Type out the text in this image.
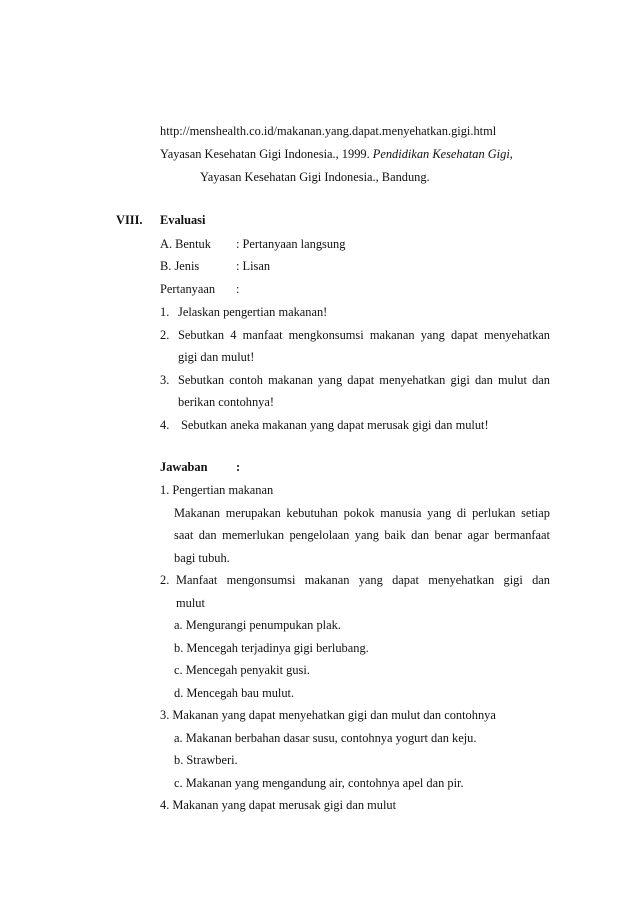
http://menshealth.co.id/makanan.yang.dapat.menyehatkan.gigi.html
Yayasan Kesehatan Gigi Indonesia., 1999. Pendidikan Kesehatan Gigi,
Yayasan Kesehatan Gigi Indonesia., Bandung.
VIII. Evaluasi
A. Bentuk : Pertanyaan langsung
B. Jenis	: Lisan
Pertanyaan :
1. Jelaskan pengertian makanan!
2. Sebutkan 4 manfaat mengkonsumsi makanan yang dapat menyehatkan
gigi dan mulut!
3. Sebutkan contoh makanan yang dapat menyehatkan gigi dan mulut dan
berikan contohnya!
4. Sebutkan aneka makanan yang dapat merusak gigi dan mulut!
Jawaban :
1. Pengertian makanan
Makanan merupakan kebutuhan pokok manusia yang di perlukan setiap
saat dan memerlukan pengelolaan yang baik dan benar agar bermanfaat
bagi tubuh.
2. Manfaat mengonsumsi makanan yang dapat menyehatkan gigi dan
mulut
a. Mengurangi penumpukan plak.
b. Mencegah terjadinya gigi berlubang.
c. Mencegah penyakit gusi.
d. Mencegah bau mulut.
3. Makanan yang dapat menyehatkan gigi dan mulut dan contohnya
a. Makanan berbahan dasar susu, contohnya yogurt dan keju.
b. Strawberi.
c. Makanan yang mengandung air, contohnya apel dan pir.
4. Makanan yang dapat merusak gigi dan mulut
